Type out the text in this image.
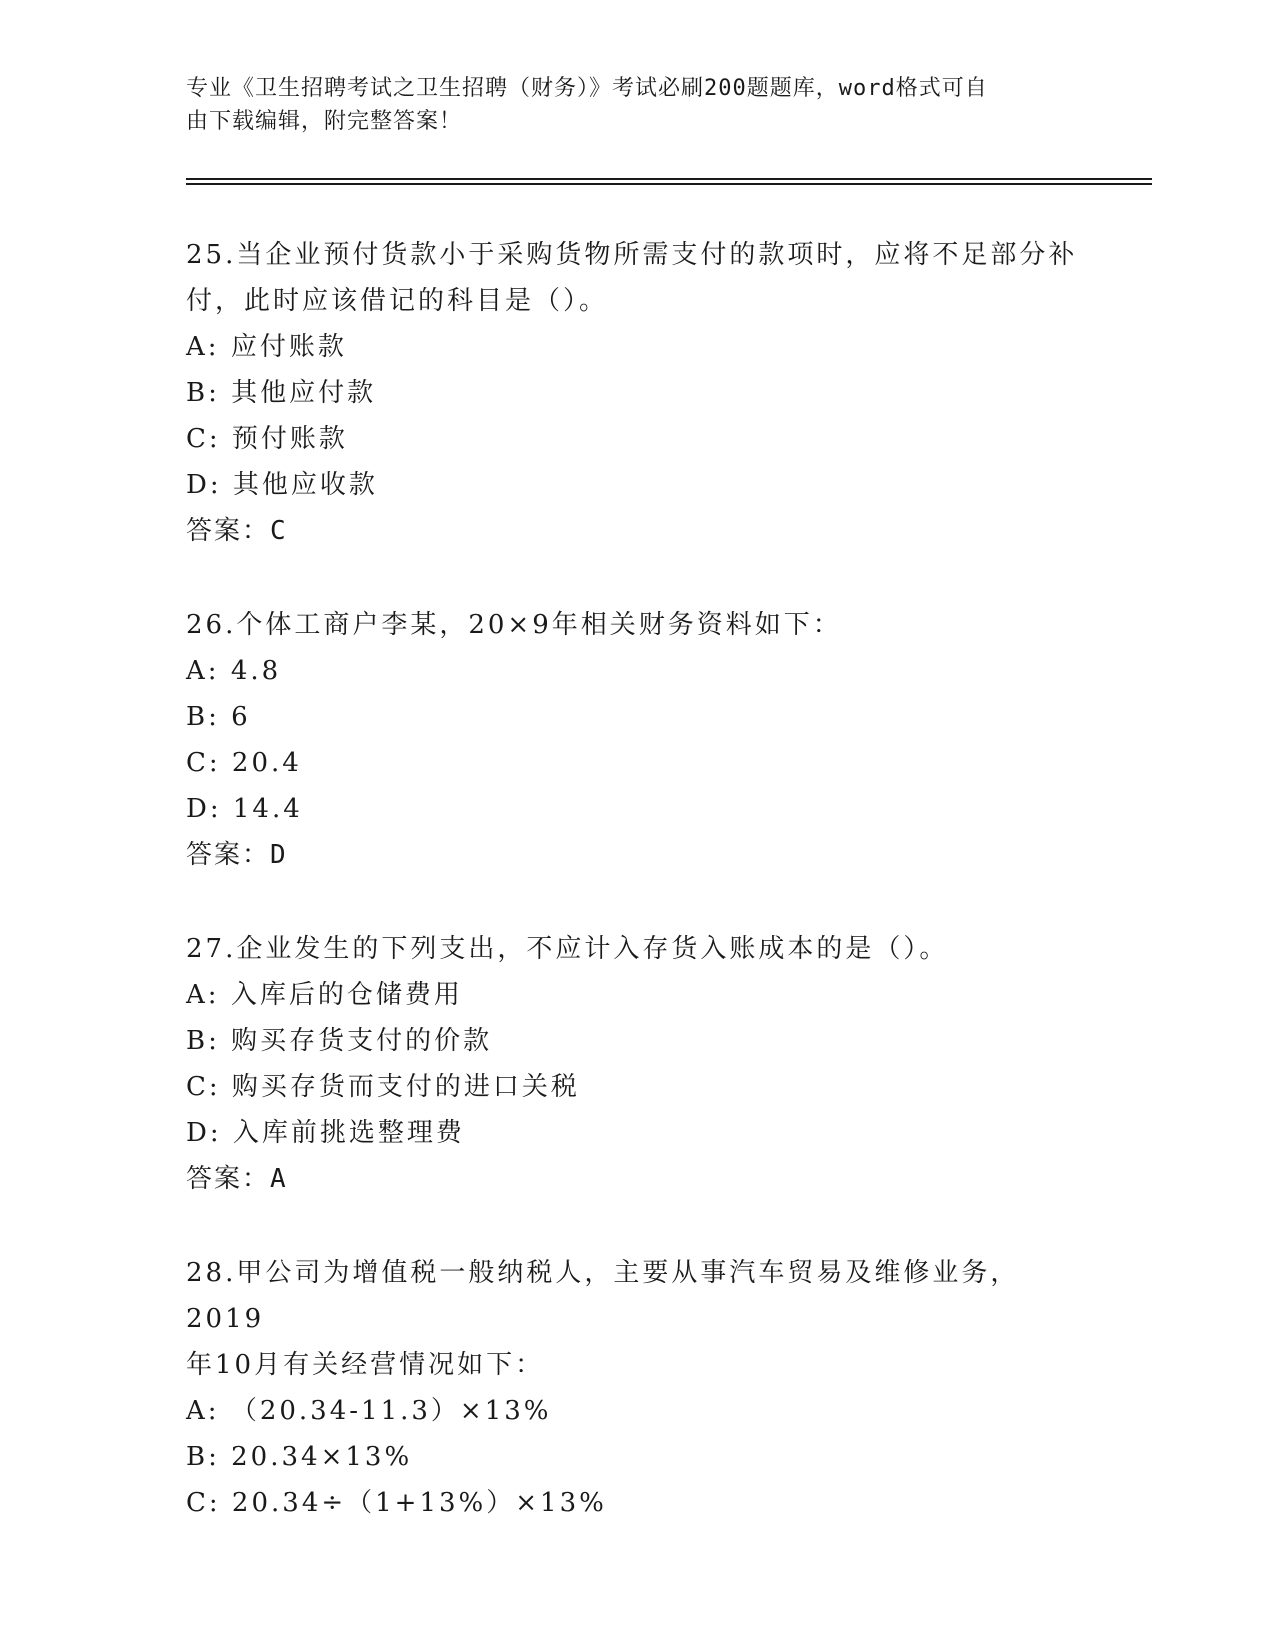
专业《卫生招聘考试之卫生招聘（财务）》考试必刷200题题库，word格式可自
由下载编辑，附完整答案！

25.当企业预付货款小于采购货物所需支付的款项时，应将不足部分补
付，此时应该借记的科目是（）。

A: 应付账款

B: 其他应付款

C: 预付账款

D: 其他应收款

答案：C

26.个体工商户李某，20×9年相关财务资料如下：

A: 4.8

B: 6

C: 20.4

D: 14.4

答案：D

27.企业发生的下列支出，不应计入存货入账成本的是（）。

A: 入库后的仓储费用

B: 购买存货支付的价款

C: 购买存货而支付的进口关税

D: 入库前挑选整理费

答案：A

28.甲公司为增值税一般纳税人，主要从事汽车贸易及维修业务，2019
年10月有关经营情况如下：

A: （20.34-11.3）×13%

B: 20.34×13%

C: 20.34÷（1+13%）×13%
